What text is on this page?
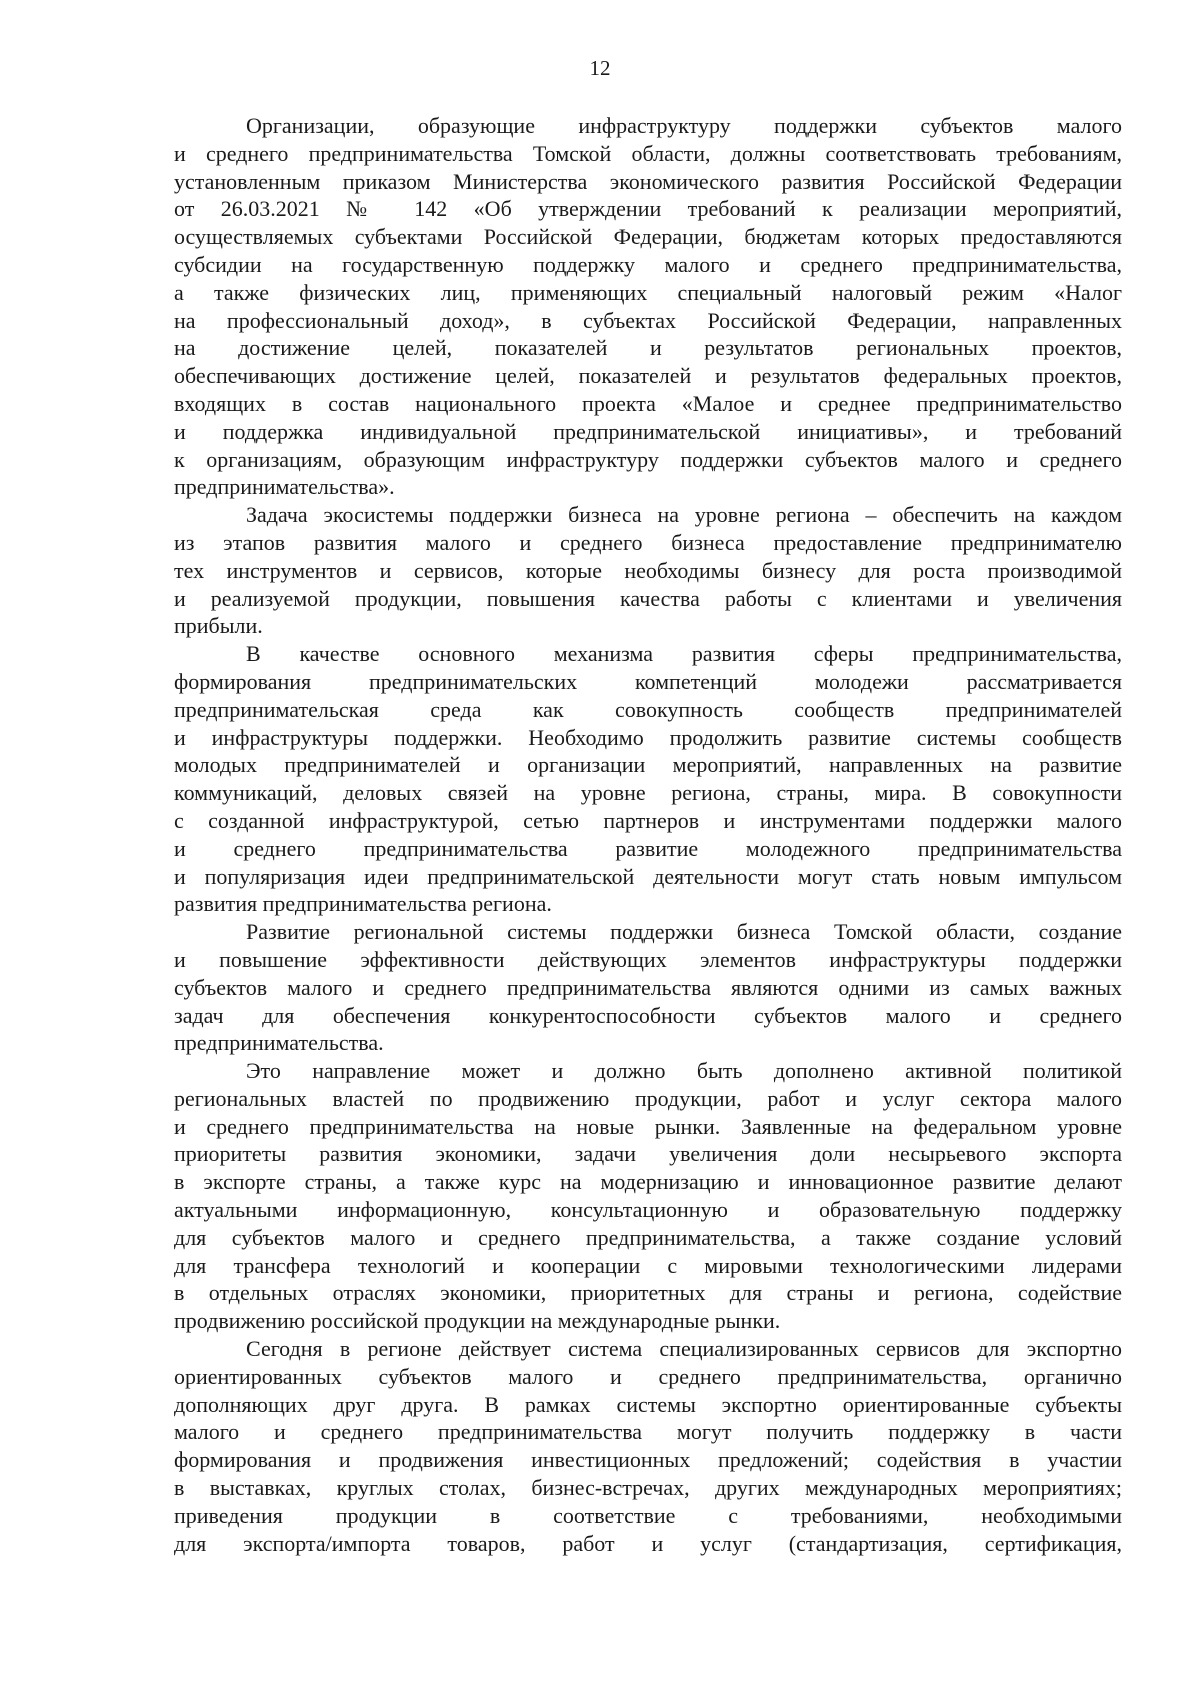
12
Организации, образующие инфраструктуру поддержки субъектов малого
и среднего предпринимательства Томской области, должны соответствовать требованиям,
установленным приказом Министерства экономического развития Российской Федерации
от 26.03.2021 № 142 «Об утверждении требований к реализации мероприятий,
осуществляемых субъектами Российской Федерации, бюджетам которых предоставляются
субсидии на государственную поддержку малого и среднего предпринимательства,
а также физических лиц, применяющих специальный налоговый режим «Налог
на профессиональный доход», в субъектах Российской Федерации, направленных
на достижение целей, показателей и результатов региональных проектов,
обеспечивающих достижение целей, показателей и результатов федеральных проектов,
входящих в состав национального проекта «Малое и среднее предпринимательство
и поддержка индивидуальной предпринимательской инициативы», и требований
к организациям, образующим инфраструктуру поддержки субъектов малого и среднего
предпринимательства».
Задача экосистемы поддержки бизнеса на уровне региона – обеспечить на каждом
из этапов развития малого и среднего бизнеса предоставление предпринимателю
тех инструментов и сервисов, которые необходимы бизнесу для роста производимой
и реализуемой продукции, повышения качества работы с клиентами и увеличения
прибыли.
В качестве основного механизма развития сферы предпринимательства,
формирования предпринимательских компетенций молодежи рассматривается
предпринимательская среда как совокупность сообществ предпринимателей
и инфраструктуры поддержки. Необходимо продолжить развитие системы сообществ
молодых предпринимателей и организации мероприятий, направленных на развитие
коммуникаций, деловых связей на уровне региона, страны, мира. В совокупности
с созданной инфраструктурой, сетью партнеров и инструментами поддержки малого
и среднего предпринимательства развитие молодежного предпринимательства
и популяризация идеи предпринимательской деятельности могут стать новым импульсом
развития предпринимательства региона.
Развитие региональной системы поддержки бизнеса Томской области, создание
и повышение эффективности действующих элементов инфраструктуры поддержки
субъектов малого и среднего предпринимательства являются одними из самых важных
задач для обеспечения конкурентоспособности субъектов малого и среднего
предпринимательства.
Это направление может и должно быть дополнено активной политикой
региональных властей по продвижению продукции, работ и услуг сектора малого
и среднего предпринимательства на новые рынки. Заявленные на федеральном уровне
приоритеты развития экономики, задачи увеличения доли несырьевого экспорта
в экспорте страны, а также курс на модернизацию и инновационное развитие делают
актуальными информационную, консультационную и образовательную поддержку
для субъектов малого и среднего предпринимательства, а также создание условий
для трансфера технологий и кооперации с мировыми технологическими лидерами
в отдельных отраслях экономики, приоритетных для страны и региона, содействие
продвижению российской продукции на международные рынки.
Сегодня в регионе действует система специализированных сервисов для экспортно
ориентированных субъектов малого и среднего предпринимательства, органично
дополняющих друг друга. В рамках системы экспортно ориентированные субъекты
малого и среднего предпринимательства могут получить поддержку в части
формирования и продвижения инвестиционных предложений; содействия в участии
в выставках, круглых столах, бизнес-встречах, других международных мероприятиях;
приведения продукции в соответствие с требованиями, необходимыми
для экспорта/импорта товаров, работ и услуг (стандартизация, сертификация,
